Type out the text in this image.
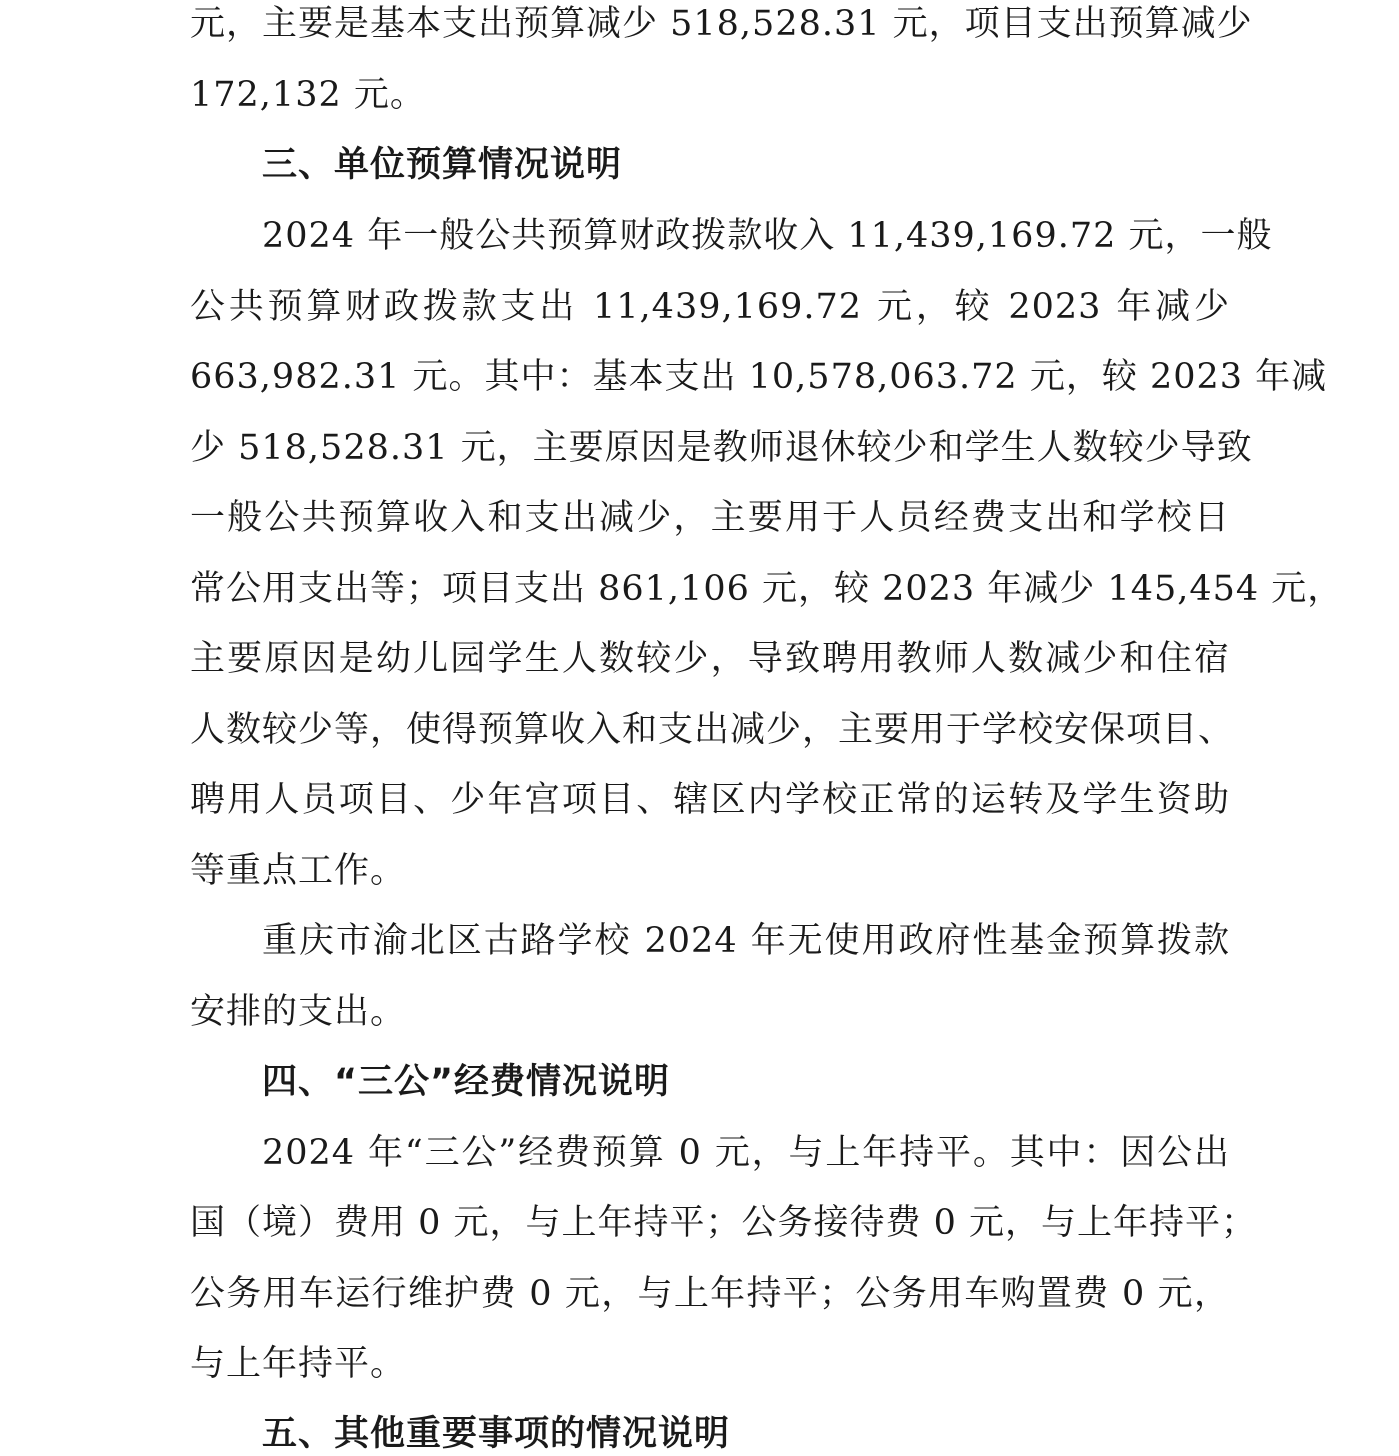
元，主要是基本支出预算减少 518,528.31 元，项目支出预算减少
172,132 元。
三、单位预算情况说明
2024 年一般公共预算财政拨款收入 11,439,169.72 元，一般
公共预算财政拨款支出 11,439,169.72 元，较 2023 年减少
663,982.31 元。其中：基本支出 10,578,063.72 元，较 2023 年减
少 518,528.31 元，主要原因是教师退休较少和学生人数较少导致
一般公共预算收入和支出减少，主要用于人员经费支出和学校日
常公用支出等；项目支出 861,106 元，较 2023 年减少 145,454 元，
主要原因是幼儿园学生人数较少，导致聘用教师人数减少和住宿
人数较少等，使得预算收入和支出减少，主要用于学校安保项目、
聘用人员项目、少年宫项目、辖区内学校正常的运转及学生资助
等重点工作。
重庆市渝北区古路学校 2024 年无使用政府性基金预算拨款
安排的支出。
四、“三公”经费情况说明
2024 年“三公”经费预算 0 元，与上年持平。其中：因公出
国（境）费用 0 元，与上年持平；公务接待费 0 元，与上年持平；
公务用车运行维护费 0 元，与上年持平；公务用车购置费 0 元，
与上年持平。
五、其他重要事项的情况说明
